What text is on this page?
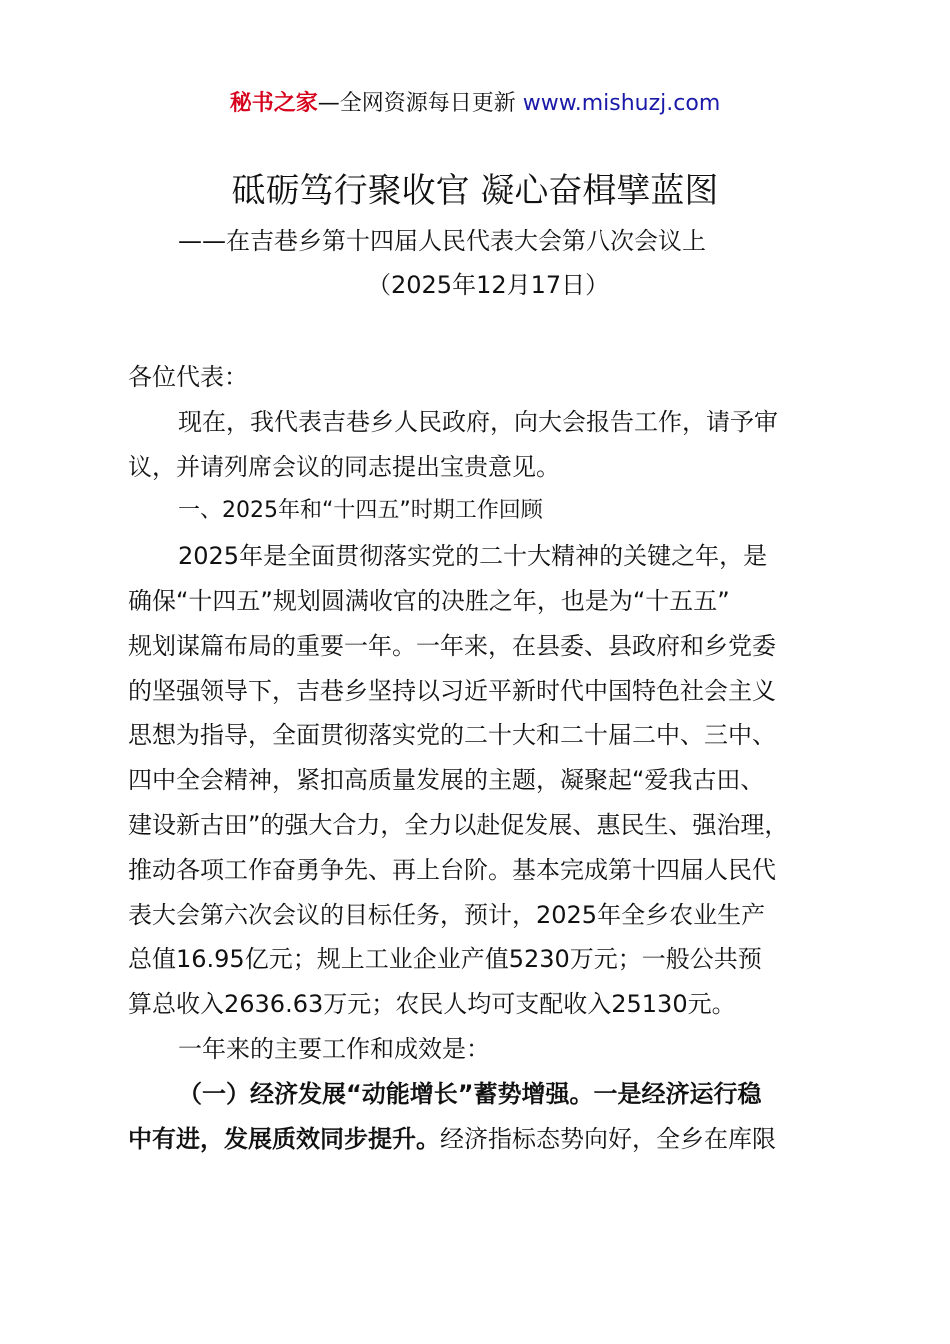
秘书之家—全网资源每日更新 www.mishuzj.com
砥砺笃行聚收官 凝心奋楫擘蓝图
——在吉巷乡第十四届人民代表大会第八次会议上
（2025年12月17日）
各位代表：
现在，我代表吉巷乡人民政府，向大会报告工作，请予审
议，并请列席会议的同志提出宝贵意见。
一、2025年和“十四五”时期工作回顾
2025年是全面贯彻落实党的二十大精神的关键之年，是
确保“十四五”规划圆满收官的决胜之年，也是为“十五五”
规划谋篇布局的重要一年。一年来，在县委、县政府和乡党委
的坚强领导下，吉巷乡坚持以习近平新时代中国特色社会主义
思想为指导，全面贯彻落实党的二十大和二十届二中、三中、
四中全会精神，紧扣高质量发展的主题，凝聚起“爱我古田、
建设新古田”的强大合力，全力以赴促发展、惠民生、强治理，
推动各项工作奋勇争先、再上台阶。基本完成第十四届人民代
表大会第六次会议的目标任务，预计，2025年全乡农业生产
总值16.95亿元；规上工业企业产值5230万元；一般公共预
算总收入2636.63万元；农民人均可支配收入25130元。
一年来的主要工作和成效是：
（一）经济发展“动能增长”蓄势增强。一是经济运行稳
中有进，发展质效同步提升。经济指标态势向好，全乡在库限
